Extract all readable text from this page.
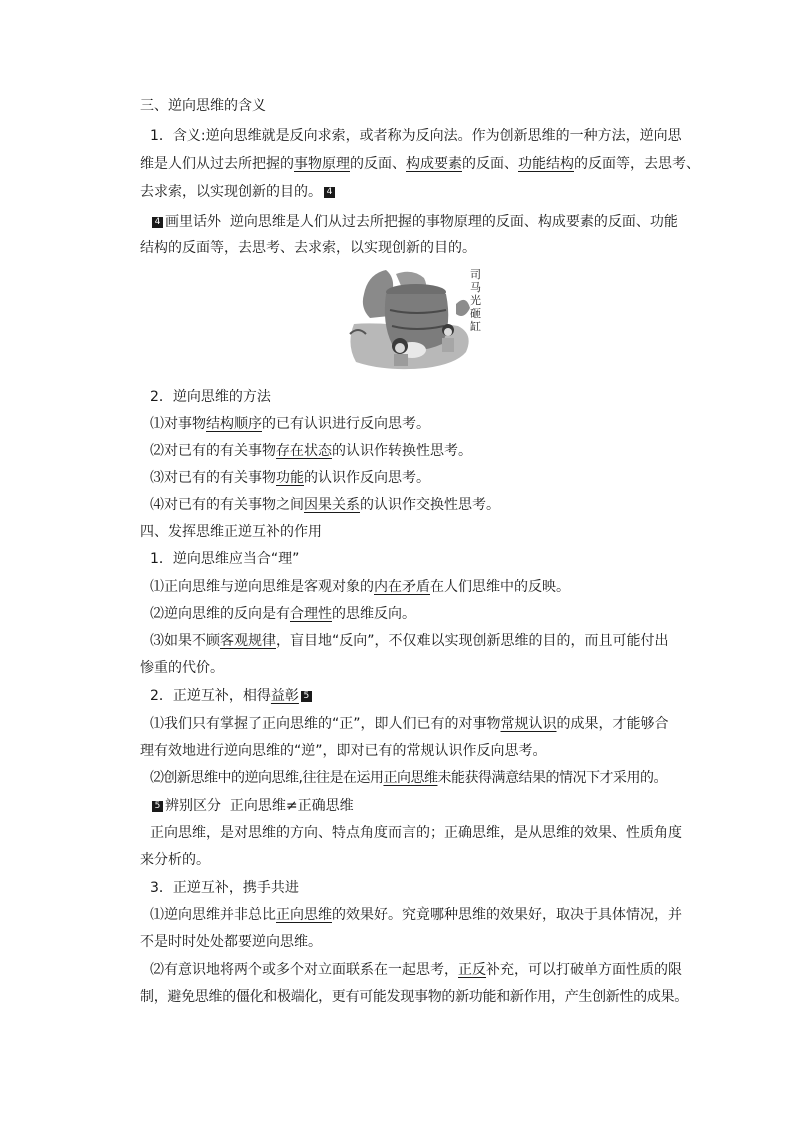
三、逆向思维的含义
1．含义:逆向思维就是反向求索，或者称为反向法。作为创新思维的一种方法，逆向思
维是人们从过去所把握的事物原理的反面、构成要素的反面、功能结构的反面等，去思考、
去求索，以实现创新的目的。 4
4 画里话外 逆向思维是人们从过去所把握的事物原理的反面、构成要素的反面、功能
结构的反面等，去思考、去求索，以实现创新的目的。
司马光砸缸
2．逆向思维的方法
⑴对事物结构顺序的已有认识进行反向思考。
⑵对已有的有关事物存在状态的认识作转换性思考。
⑶对已有的有关事物功能的认识作反向思考。
⑷对已有的有关事物之间因果关系的认识作交换性思考。
四、发挥思维正逆互补的作用
1．逆向思维应当合“理”
⑴正向思维与逆向思维是客观对象的内在矛盾在人们思维中的反映。
⑵逆向思维的反向是有合理性的思维反向。
⑶如果不顾客观规律，盲目地“反向”，不仅难以实现创新思维的目的，而且可能付出
惨重的代价。
2．正逆互补，相得益彰 5
⑴我们只有掌握了正向思维的“正”，即人们已有的对事物常规认识的成果，才能够合
理有效地进行逆向思维的“逆”，即对已有的常规认识作反向思考。
⑵创新思维中的逆向思维,往往是在运用正向思维未能获得满意结果的情况下才采用的。
5 辨别区分 正向思维≠正确思维
正向思维，是对思维的方向、特点角度而言的；正确思维，是从思维的效果、性质角度
来分析的。
3．正逆互补，携手共进
⑴逆向思维并非总比正向思维的效果好。究竟哪种思维的效果好，取决于具体情况，并
不是时时处处都要逆向思维。
⑵有意识地将两个或多个对立面联系在一起思考，正反补充，可以打破单方面性质的限
制，避免思维的僵化和极端化，更有可能发现事物的新功能和新作用，产生创新性的成果。
